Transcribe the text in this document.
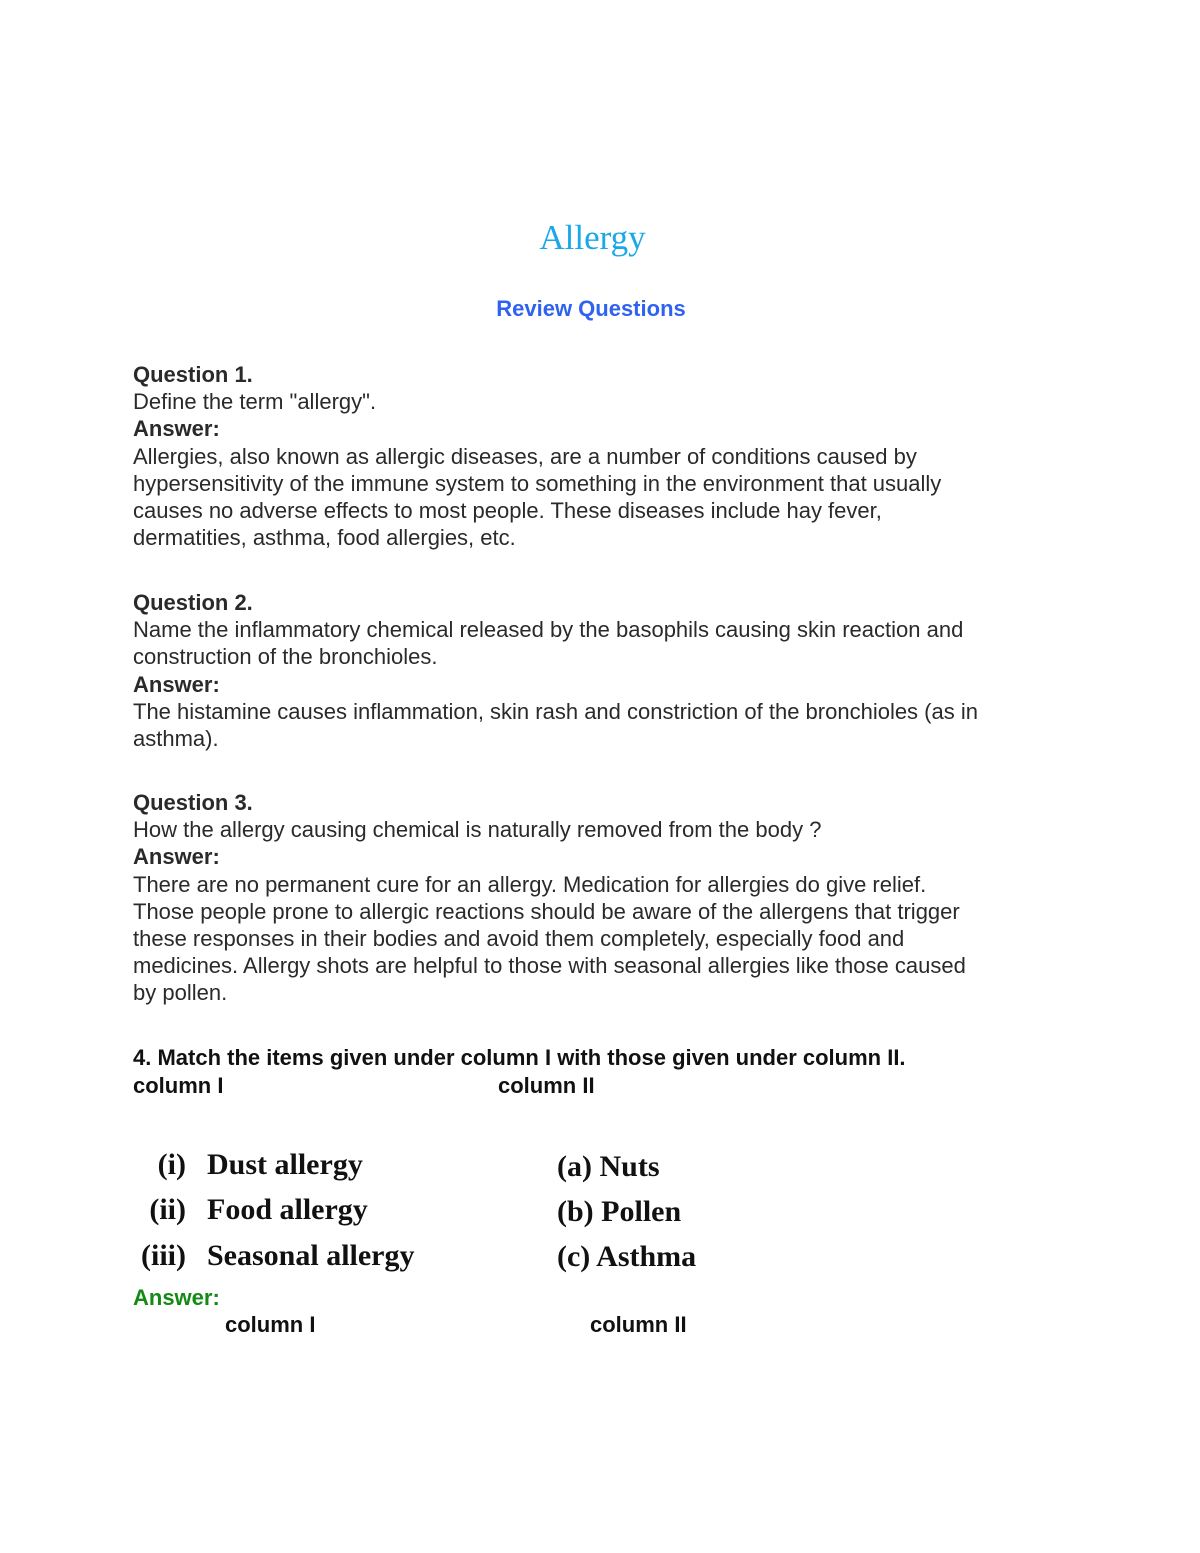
Allergy
Review Questions
Question 1.
Define the term "allergy".
Answer:
Allergies, also known as allergic diseases, are a number of conditions caused by
hypersensitivity of the immune system to something in the environment that usually
causes no adverse effects to most people. These diseases include hay fever,
dermatities, asthma, food allergies, etc.
Question 2.
Name the inflammatory chemical released by the basophils causing skin reaction and
construction of the bronchioles.
Answer:
The histamine causes inflammation, skin rash and constriction of the bronchioles (as in
asthma).
Question 3.
How the allergy causing chemical is naturally removed from the body ?
Answer:
There are no permanent cure for an allergy. Medication for allergies do give relief.
Those people prone to allergic reactions should be aware of the allergens that trigger
these responses in their bodies and avoid them completely, especially food and
medicines. Allergy shots are helpful to those with seasonal allergies like those caused
by pollen.
4. Match the items given under column I with those given under column II.
column I	column II
(i) Dust allergy
(ii) Food allergy
(iii) Seasonal allergy
(a) Nuts
(b) Pollen
(c) Asthma
Answer:
column I	column II
